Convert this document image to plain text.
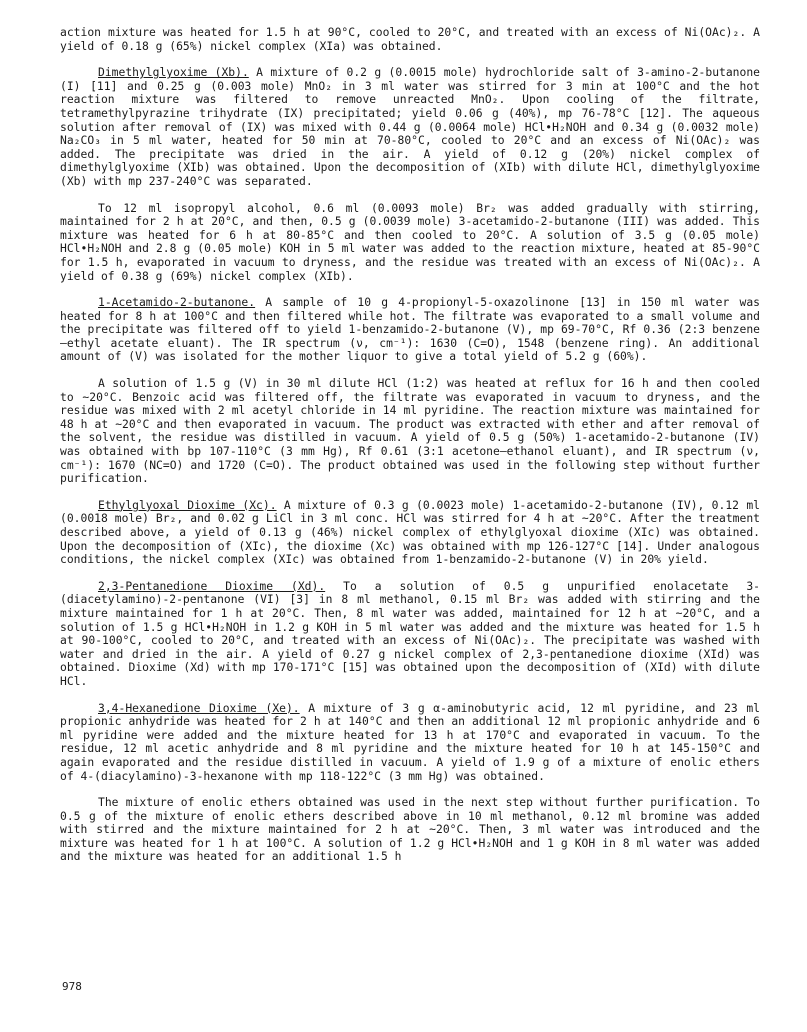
action mixture was heated for 1.5 h at 90°C, cooled to 20°C, and treated with an excess of Ni(OAc)₂. A yield of 0.18 g (65%) nickel complex (XIa) was obtained.

Dimethylglyoxime (Xb). A mixture of 0.2 g (0.0015 mole) hydrochloride salt of 3-amino-2-butanone (I) [11] and 0.25 g (0.003 mole) MnO₂ in 3 ml water was stirred for 3 min at 100°C and the hot reaction mixture was filtered to remove unreacted MnO₂. Upon cooling of the filtrate, tetramethylpyrazine trihydrate (IX) precipitated; yield 0.06 g (40%), mp 76-78°C [12]. The aqueous solution after removal of (IX) was mixed with 0.44 g (0.0064 mole) HCl•H₂NOH and 0.34 g (0.0032 mole) Na₂CO₃ in 5 ml water, heated for 50 min at 70-80°C, cooled to 20°C and an excess of Ni(OAc)₂ was added. The precipitate was dried in the air. A yield of 0.12 g (20%) nickel complex of dimethylglyoxime (XIb) was obtained. Upon the decomposition of (XIb) with dilute HCl, dimethylglyoxime (Xb) with mp 237-240°C was separated.

To 12 ml isopropyl alcohol, 0.6 ml (0.0093 mole) Br₂ was added gradually with stirring, maintained for 2 h at 20°C, and then, 0.5 g (0.0039 mole) 3-acetamido-2-butanone (III) was added. This mixture was heated for 6 h at 80-85°C and then cooled to 20°C. A solution of 3.5 g (0.05 mole) HCl•H₂NOH and 2.8 g (0.05 mole) KOH in 5 ml water was added to the reaction mixture, heated at 85-90°C for 1.5 h, evaporated in vacuum to dryness, and the residue was treated with an excess of Ni(OAc)₂. A yield of 0.38 g (69%) nickel complex (XIb).

1-Acetamido-2-butanone. A sample of 10 g 4-propionyl-5-oxazolinone [13] in 150 ml water was heated for 8 h at 100°C and then filtered while hot. The filtrate was evaporated to a small volume and the precipitate was filtered off to yield 1-benzamido-2-butanone (V), mp 69-70°C, Rf 0.36 (2:3 benzene—ethyl acetate eluant). The IR spectrum (ν, cm⁻¹): 1630 (C=O), 1548 (benzene ring). An additional amount of (V) was isolated for the mother liquor to give a total yield of 5.2 g (60%).

A solution of 1.5 g (V) in 30 ml dilute HCl (1:2) was heated at reflux for 16 h and then cooled to ~20°C. Benzoic acid was filtered off, the filtrate was evaporated in vacuum to dryness, and the residue was mixed with 2 ml acetyl chloride in 14 ml pyridine. The reaction mixture was maintained for 48 h at ~20°C and then evaporated in vacuum. The product was extracted with ether and after removal of the solvent, the residue was distilled in vacuum. A yield of 0.5 g (50%) 1-acetamido-2-butanone (IV) was obtained with bp 107-110°C (3 mm Hg), Rf 0.61 (3:1 acetone—ethanol eluant), and IR spectrum (ν, cm⁻¹): 1670 (NC=O) and 1720 (C=O). The product obtained was used in the following step without further purification.

Ethylglyoxal Dioxime (Xc). A mixture of 0.3 g (0.0023 mole) 1-acetamido-2-butanone (IV), 0.12 ml (0.0018 mole) Br₂, and 0.02 g LiCl in 3 ml conc. HCl was stirred for 4 h at ~20°C. After the treatment described above, a yield of 0.13 g (46%) nickel complex of ethylglyoxal dioxime (XIc) was obtained. Upon the decomposition of (XIc), the dioxime (Xc) was obtained with mp 126-127°C [14]. Under analogous conditions, the nickel complex (XIc) was obtained from 1-benzamido-2-butanone (V) in 20% yield.

2,3-Pentanedione Dioxime (Xd). To a solution of 0.5 g unpurified enolacetate 3-(diacetylamino)-2-pentanone (VI) [3] in 8 ml methanol, 0.15 ml Br₂ was added with stirring and the mixture maintained for 1 h at 20°C. Then, 8 ml water was added, maintained for 12 h at ~20°C, and a solution of 1.5 g HCl•H₂NOH in 1.2 g KOH in 5 ml water was added and the mixture was heated for 1.5 h at 90-100°C, cooled to 20°C, and treated with an excess of Ni(OAc)₂. The precipitate was washed with water and dried in the air. A yield of 0.27 g nickel complex of 2,3-pentanedione dioxime (XId) was obtained. Dioxime (Xd) with mp 170-171°C [15] was obtained upon the decomposition of (XId) with dilute HCl.

3,4-Hexanedione Dioxime (Xe). A mixture of 3 g α-aminobutyric acid, 12 ml pyridine, and 23 ml propionic anhydride was heated for 2 h at 140°C and then an additional 12 ml propionic anhydride and 6 ml pyridine were added and the mixture heated for 13 h at 170°C and evaporated in vacuum. To the residue, 12 ml acetic anhydride and 8 ml pyridine and the mixture heated for 10 h at 145-150°C and again evaporated and the residue distilled in vacuum. A yield of 1.9 g of a mixture of enolic ethers of 4-(diacylamino)-3-hexanone with mp 118-122°C (3 mm Hg) was obtained.

The mixture of enolic ethers obtained was used in the next step without further purification. To 0.5 g of the mixture of enolic ethers described above in 10 ml methanol, 0.12 ml bromine was added with stirred and the mixture maintained for 2 h at ~20°C. Then, 3 ml water was introduced and the mixture was heated for 1 h at 100°C. A solution of 1.2 g HCl•H₂NOH and 1 g KOH in 8 ml water was added and the mixture was heated for an additional 1.5 h

978
